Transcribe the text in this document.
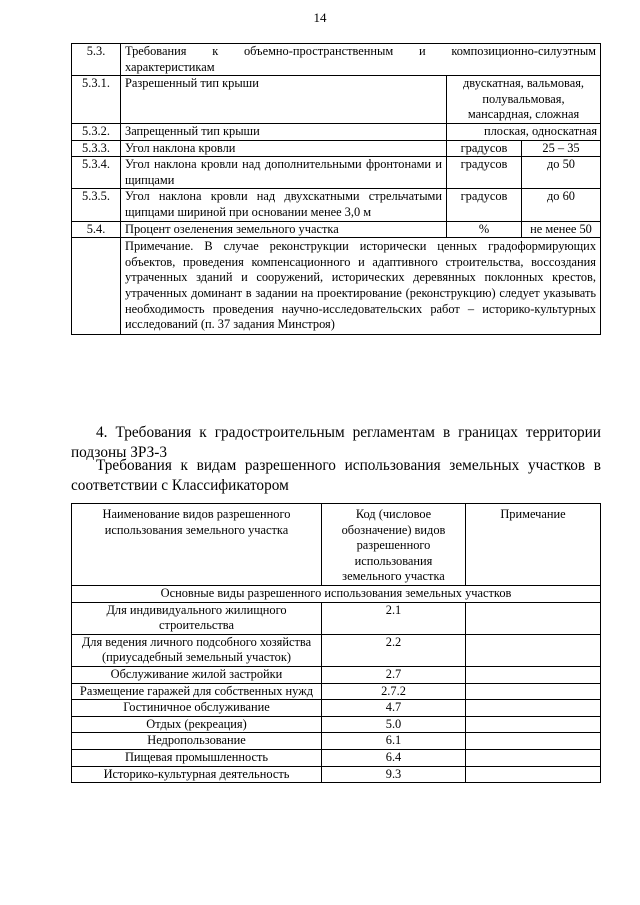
14
5.3.	Требования к объемно-пространственным и композиционно-силуэтным характеристикам		
5.3.1.	Разрешенный тип крыши	двускатная, вальмовая, полувальмовая, мансардная, сложная	
5.3.2.	Запрещенный тип крыши	плоская, односкатная	
5.3.3.	Угол наклона кровли	градусов	25 – 35
5.3.4.	Угол наклона кровли над дополнительными фронтонами и щипцами	градусов	до 50
5.3.5.	Угол наклона кровли над двухскатными стрельчатыми щипцами шириной при основании менее 3,0 м	градусов	до 60
5.4.	Процент озеленения земельного участка	%	не менее 50
	Примечание. В случае реконструкции исторически ценных градоформирующих объектов, проведения компенсационного и адаптивного строительства, воссоздания утраченных зданий и сооружений, исторических деревянных поклонных крестов, утраченных доминант в задании на проектирование (реконструкцию) следует указывать необходимость проведения научно-исследовательских работ – историко-культурных исследований (п. 37 задания Минстроя)		
4. Требования к градостроительным регламентам в границах территории подзоны ЗРЗ-3
Требования к видам разрешенного использования земельных участков в соответствии с Классификатором
Наименование видов разрешенного использования земельного участка	Код (числовое обозначение) видов разрешенного использования земельного участка	Примечание
Основные виды разрешенного использования земельных участков		
Для индивидуального жилищного строительства	2.1	
Для ведения личного подсобного хозяйства (приусадебный земельный участок)	2.2	
Обслуживание жилой застройки	2.7	
Размещение гаражей для собственных нужд	2.7.2	
Гостиничное обслуживание	4.7	
Отдых (рекреация)	5.0	
Недропользование	6.1	
Пищевая промышленность	6.4	
Историко-культурная деятельность	9.3	
